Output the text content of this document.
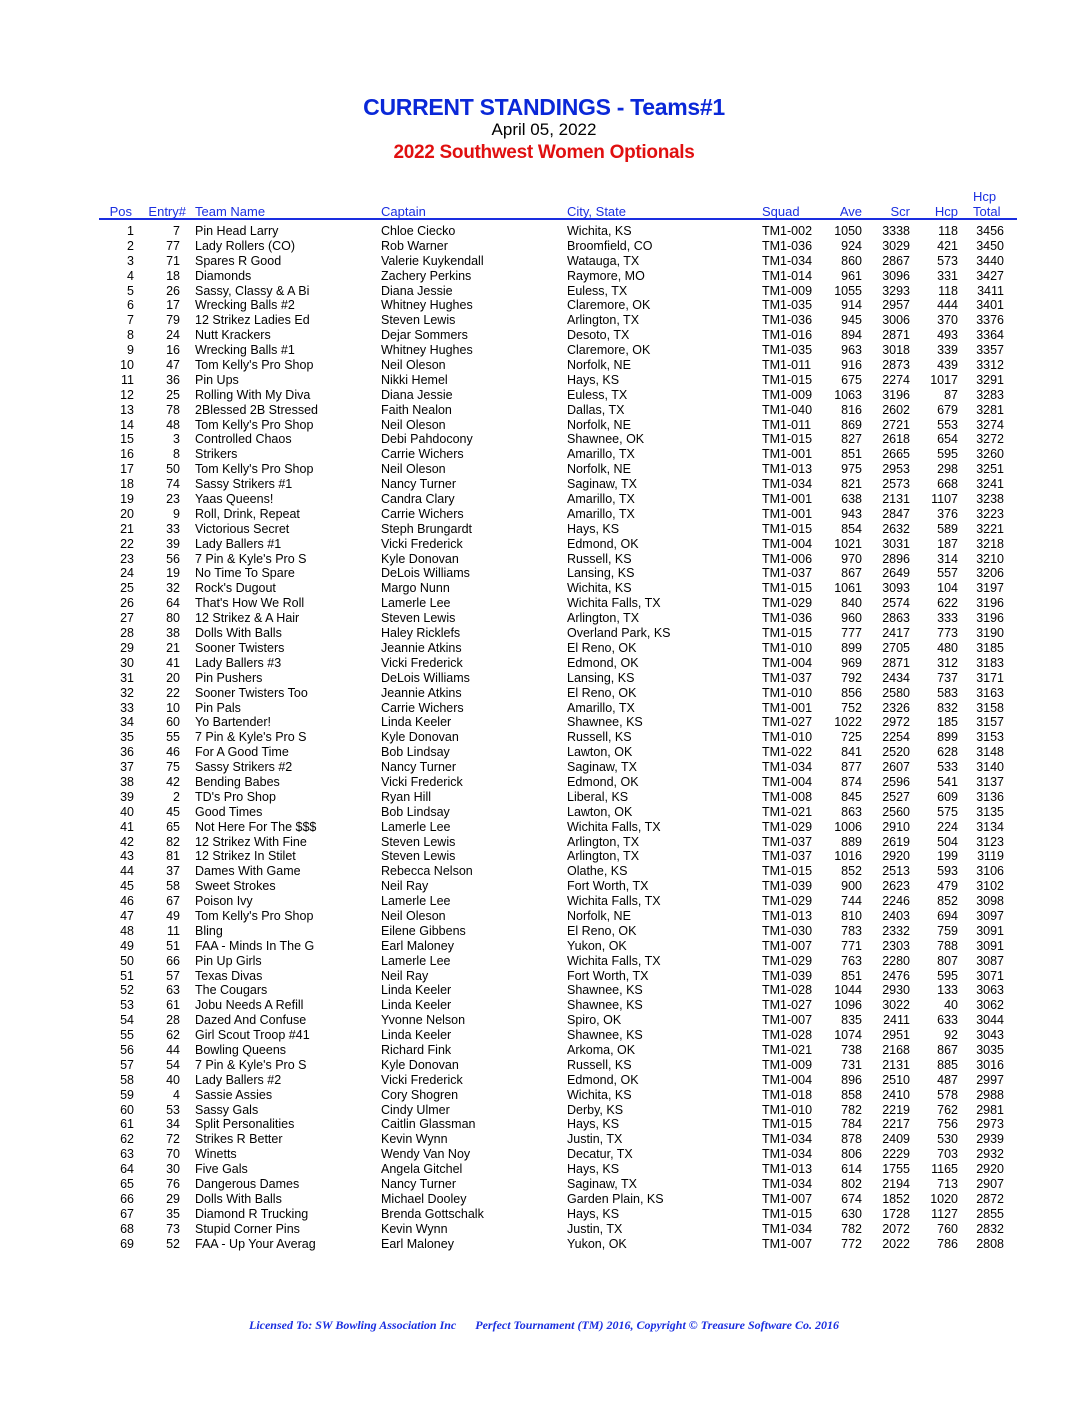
CURRENT STANDINGS - Teams#1
April 05, 2022
2022 Southwest Women Optionals
Pos	Entry# Team Name	Captain	City, State	Squad	Ave	Scr	Hcp
Hcp
Total
1	7 Pin Head Larry	Chloe Ciecko	Wichita, KS	TM1-002	1050	3338	118	3456
2	77 Lady Rollers (CO)	Rob Warner	Broomfield, CO	TM1-036	924	3029	421	3450
3	71 Spares R Good	Valerie Kuykendall	Watauga, TX	TM1-034	860	2867	573	3440
4	18 Diamonds	Zachery Perkins	Raymore, MO	TM1-014	961	3096	331	3427
5	26 Sassy, Classy & A Bi	Diana Jessie	Euless, TX	TM1-009	1055	3293	118	3411
6	17 Wrecking Balls #2	Whitney Hughes	Claremore, OK	TM1-035	914	2957	444	3401
7	79 12 Strikez Ladies Ed	Steven Lewis	Arlington, TX	TM1-036	945	3006	370	3376
8	24 Nutt Krackers	Dejar Sommers	Desoto, TX	TM1-016	894	2871	493	3364
9	16 Wrecking Balls #1	Whitney Hughes	Claremore, OK	TM1-035	963	3018	339	3357
10	47 Tom Kelly's Pro Shop	Neil Oleson	Norfolk, NE	TM1-011	916	2873	439	3312
11	36 Pin Ups	Nikki Hemel	Hays, KS	TM1-015	675	2274	1017	3291
12	25 Rolling With My Diva	Diana Jessie	Euless, TX	TM1-009	1063	3196	87	3283
13	78 2Blessed 2B Stressed	Faith Nealon	Dallas, TX	TM1-040	816	2602	679	3281
14	48 Tom Kelly's Pro Shop	Neil Oleson	Norfolk, NE	TM1-011	869	2721	553	3274
15	3 Controlled Chaos	Debi Pahdocony	Shawnee, OK	TM1-015	827	2618	654	3272
16	8 Strikers	Carrie Wichers	Amarillo, TX	TM1-001	851	2665	595	3260
17	50 Tom Kelly's Pro Shop	Neil Oleson	Norfolk, NE	TM1-013	975	2953	298	3251
18	74 Sassy Strikers #1	Nancy Turner	Saginaw, TX	TM1-034	821	2573	668	3241
19	23 Yaas Queens!	Candra Clary	Amarillo, TX	TM1-001	638	2131	1107	3238
20	9 Roll, Drink, Repeat	Carrie Wichers	Amarillo, TX	TM1-001	943	2847	376	3223
21	33 Victorious Secret	Steph Brungardt	Hays, KS	TM1-015	854	2632	589	3221
22	39 Lady Ballers #1	Vicki Frederick	Edmond, OK	TM1-004	1021	3031	187	3218
23	56 7 Pin & Kyle's Pro S	Kyle Donovan	Russell, KS	TM1-006	970	2896	314	3210
24	19 No Time To Spare	DeLois Williams	Lansing, KS	TM1-037	867	2649	557	3206
25	32 Rock's Dugout	Margo Nunn	Wichita, KS	TM1-015	1061	3093	104	3197
26	64 That's How We Roll	Lamerle Lee	Wichita Falls, TX	TM1-029	840	2574	622	3196
27	80 12 Strikez & A Hair	Steven Lewis	Arlington, TX	TM1-036	960	2863	333	3196
28	38 Dolls With Balls	Haley Ricklefs	Overland Park, KS	TM1-015	777	2417	773	3190
29	21 Sooner Twisters	Jeannie Atkins	El Reno, OK	TM1-010	899	2705	480	3185
30	41 Lady Ballers #3	Vicki Frederick	Edmond, OK	TM1-004	969	2871	312	3183
31	20 Pin Pushers	DeLois Williams	Lansing, KS	TM1-037	792	2434	737	3171
32	22 Sooner Twisters Too	Jeannie Atkins	El Reno, OK	TM1-010	856	2580	583	3163
33	10 Pin Pals	Carrie Wichers	Amarillo, TX	TM1-001	752	2326	832	3158
34	60 Yo Bartender!	Linda Keeler	Shawnee, KS	TM1-027	1022	2972	185	3157
35	55 7 Pin & Kyle's Pro S	Kyle Donovan	Russell, KS	TM1-010	725	2254	899	3153
36	46 For A Good Time	Bob Lindsay	Lawton, OK	TM1-022	841	2520	628	3148
37	75 Sassy Strikers #2	Nancy Turner	Saginaw, TX	TM1-034	877	2607	533	3140
38	42 Bending Babes	Vicki Frederick	Edmond, OK	TM1-004	874	2596	541	3137
39	2 TD's Pro Shop	Ryan Hill	Liberal, KS	TM1-008	845	2527	609	3136
40	45 Good Times	Bob Lindsay	Lawton, OK	TM1-021	863	2560	575	3135
41	65 Not Here For The $$$	Lamerle Lee	Wichita Falls, TX	TM1-029	1006	2910	224	3134
42	82 12 Strikez With Fine	Steven Lewis	Arlington, TX	TM1-037	889	2619	504	3123
43	81 12 Strikez In Stilet	Steven Lewis	Arlington, TX	TM1-037	1016	2920	199	3119
44	37 Dames With Game	Rebecca Nelson	Olathe, KS	TM1-015	852	2513	593	3106
45	58 Sweet Strokes	Neil Ray	Fort Worth, TX	TM1-039	900	2623	479	3102
46	67 Poison Ivy	Lamerle Lee	Wichita Falls, TX	TM1-029	744	2246	852	3098
47	49 Tom Kelly's Pro Shop	Neil Oleson	Norfolk, NE	TM1-013	810	2403	694	3097
48	11 Bling	Eilene Gibbens	El Reno, OK	TM1-030	783	2332	759	3091
49	51 FAA - Minds In The G	Earl Maloney	Yukon, OK	TM1-007	771	2303	788	3091
50	66 Pin Up Girls	Lamerle Lee	Wichita Falls, TX	TM1-029	763	2280	807	3087
51	57 Texas Divas	Neil Ray	Fort Worth, TX	TM1-039	851	2476	595	3071
52	63 The Cougars	Linda Keeler	Shawnee, KS	TM1-028	1044	2930	133	3063
53	61 Jobu Needs A Refill	Linda Keeler	Shawnee, KS	TM1-027	1096	3022	40	3062
54	28 Dazed And Confuse	Yvonne Nelson	Spiro, OK	TM1-007	835	2411	633	3044
55	62 Girl Scout Troop #41	Linda Keeler	Shawnee, KS	TM1-028	1074	2951	92	3043
56	44 Bowling Queens	Richard Fink	Arkoma, OK	TM1-021	738	2168	867	3035
57	54 7 Pin & Kyle's Pro S	Kyle Donovan	Russell, KS	TM1-009	731	2131	885	3016
58	40 Lady Ballers #2	Vicki Frederick	Edmond, OK	TM1-004	896	2510	487	2997
59	4 Sassie Assies	Cory Shogren	Wichita, KS	TM1-018	858	2410	578	2988
60	53 Sassy Gals	Cindy Ulmer	Derby, KS	TM1-010	782	2219	762	2981
61	34 Split Personalities	Caitlin Glassman	Hays, KS	TM1-015	784	2217	756	2973
62	72 Strikes R Better	Kevin Wynn	Justin, TX	TM1-034	878	2409	530	2939
63	70 Winetts	Wendy Van Noy	Decatur, TX	TM1-034	806	2229	703	2932
64	30 Five Gals	Angela Gitchel	Hays, KS	TM1-013	614	1755	1165	2920
65	76 Dangerous Dames	Nancy Turner	Saginaw, TX	TM1-034	802	2194	713	2907
66	29 Dolls With Balls	Michael Dooley	Garden Plain, KS	TM1-007	674	1852	1020	2872
67	35 Diamond R Trucking	Brenda Gottschalk	Hays, KS	TM1-015	630	1728	1127	2855
68	73 Stupid Corner Pins	Kevin Wynn	Justin, TX	TM1-034	782	2072	760	2832
69	52 FAA - Up Your Averag	Earl Maloney	Yukon, OK	TM1-007	772	2022	786	2808
Licensed To: SW Bowling Association Inc Perfect Tournament (TM) 2016, Copyright © Treasure Software Co. 2016
